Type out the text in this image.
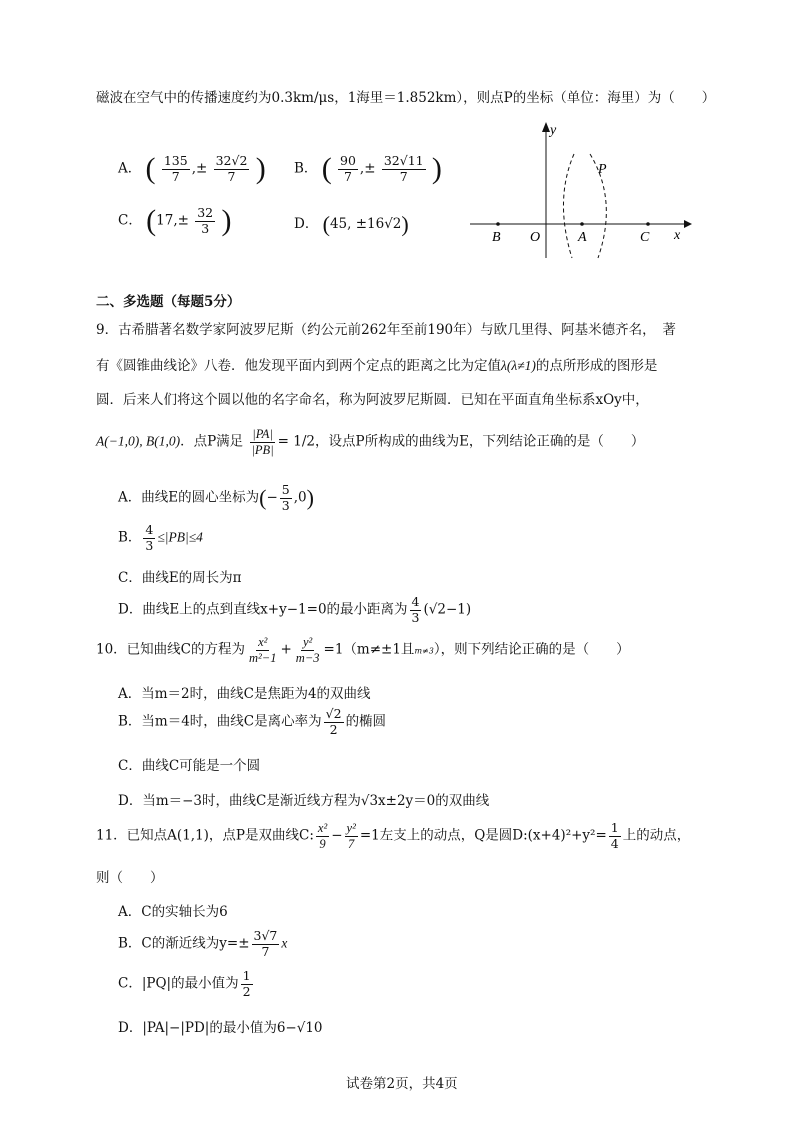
磁波在空气中的传播速度约为0.3km/μs，1海里＝1.852km），则点P的坐标（单位：海里）为（　　）
A． ( $\frac{135}{7}$ ,± $\frac{32√2}{7}$ ) B． ( $\frac{90}{7}$ ,± $\frac{32√11}{7}$ )
C． ($17,\pm \frac{32}{3}$ )	D． (45, ±16√2)
y
x
P
B O	A	C
二、多选题（每题5分）
9．古希腊著名数学家阿波罗尼斯（约公元前262年至前190年）与欧几里得、阿基米德齐名，　著
有《圆锥曲线论》八卷．他发现平面内到两个定点的距离之比为定值λ(λ≠1)的点所形成的图形是
圆．后来人们将这个圆以他的名字命名，称为阿波罗尼斯圆．已知在平面直角坐标系xOy中，
A(−1,0), B(1,0)．点P满足 $\frac{|PA|}{|PB|} = 1/2$，设点P所构成的曲线为E，下列结论正确的是（　　）
A．曲线E的圆心坐标为(− $\frac{5}{3} ,0$)
B． $\frac{4}{3} \le|PB|\le 4$
C．曲线E的周长为π
D．曲线E上的点到直线x+y−1=0的最小距离为 $\frac{4}{3} (√2-1)$
10．已知曲线C的方程为 $\frac{\text{x²}}{\text{m²−1}} + \frac{\text{y²}}{m-3} =1(m\ne\pm 1$且m≠3），则下列结论正确的是（　　）
A．当m＝2时，曲线C是焦距为4的双曲线
B．当m＝4时，曲线C是离心率为 $\frac{√2}{2}$ 的椭圆
C．曲线C可能是一个圆
D．当m＝−3时，曲线C是渐近线方程为√3x±2y＝0的双曲线
11．已知点A(1,1)，点P是双曲线C: $\frac{\text{x²}}{9} - \frac{\text{y²}}{7} =1$左支上的动点，Q是圆D:(x+4)²+y²= $\frac{1}{4}$ 上的动点，
则（　　）
A．C的实轴长为6
B．C的渐近线为$y=\pm \frac{3√7}{7}$ x
C．|PQ|的最小值为 $\frac{1}{2}$
D．|PA|−|PD|的最小值为6−√10
试卷第2页，共4页
